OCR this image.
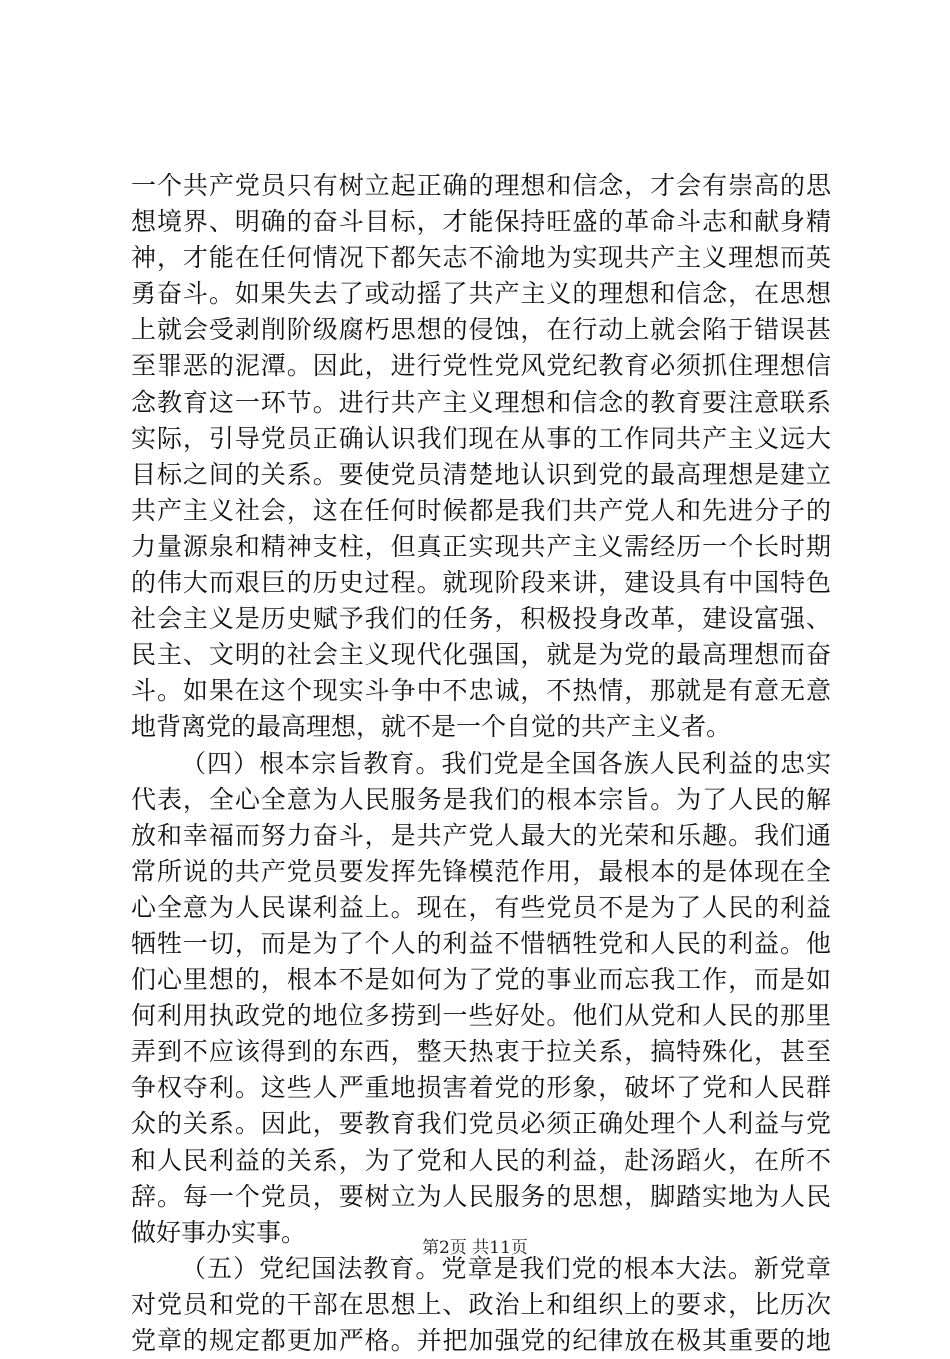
一个共产党员只有树立起正确的理想和信念，才会有崇高的思
想境界、明确的奋斗目标，才能保持旺盛的革命斗志和献身精
神，才能在任何情况下都矢志不渝地为实现共产主义理想而英
勇奋斗。如果失去了或动摇了共产主义的理想和信念，在思想
上就会受剥削阶级腐朽思想的侵蚀，在行动上就会陷于错误甚
至罪恶的泥潭。因此，进行党性党风党纪教育必须抓住理想信
念教育这一环节。进行共产主义理想和信念的教育要注意联系
实际，引导党员正确认识我们现在从事的工作同共产主义远大
目标之间的关系。要使党员清楚地认识到党的最高理想是建立
共产主义社会，这在任何时候都是我们共产党人和先进分子的
力量源泉和精神支柱，但真正实现共产主义需经历一个长时期
的伟大而艰巨的历史过程。就现阶段来讲，建设具有中国特色
社会主义是历史赋予我们的任务，积极投身改革，建设富强、
民主、文明的社会主义现代化强国，就是为党的最高理想而奋
斗。如果在这个现实斗争中不忠诚，不热情，那就是有意无意
地背离党的最高理想，就不是一个自觉的共产主义者。
（四）根本宗旨教育。我们党是全国各族人民利益的忠实
代表，全心全意为人民服务是我们的根本宗旨。为了人民的解
放和幸福而努力奋斗，是共产党人最大的光荣和乐趣。我们通
常所说的共产党员要发挥先锋模范作用，最根本的是体现在全
心全意为人民谋利益上。现在，有些党员不是为了人民的利益
牺牲一切，而是为了个人的利益不惜牺牲党和人民的利益。他
们心里想的，根本不是如何为了党的事业而忘我工作，而是如
何利用执政党的地位多捞到一些好处。他们从党和人民的那里
弄到不应该得到的东西，整天热衷于拉关系，搞特殊化，甚至
争权夺利。这些人严重地损害着党的形象，破坏了党和人民群
众的关系。因此，要教育我们党员必须正确处理个人利益与党
和人民利益的关系，为了党和人民的利益，赴汤蹈火，在所不
辞。每一个党员，要树立为人民服务的思想，脚踏实地为人民
做好事办实事。
（五）党纪国法教育。党章是我们党的根本大法。新党章
对党员和党的干部在思想上、政治上和组织上的要求，比历次
党章的规定都更加严格。并把加强党的纪律放在极其重要的地
第2页 共11页
